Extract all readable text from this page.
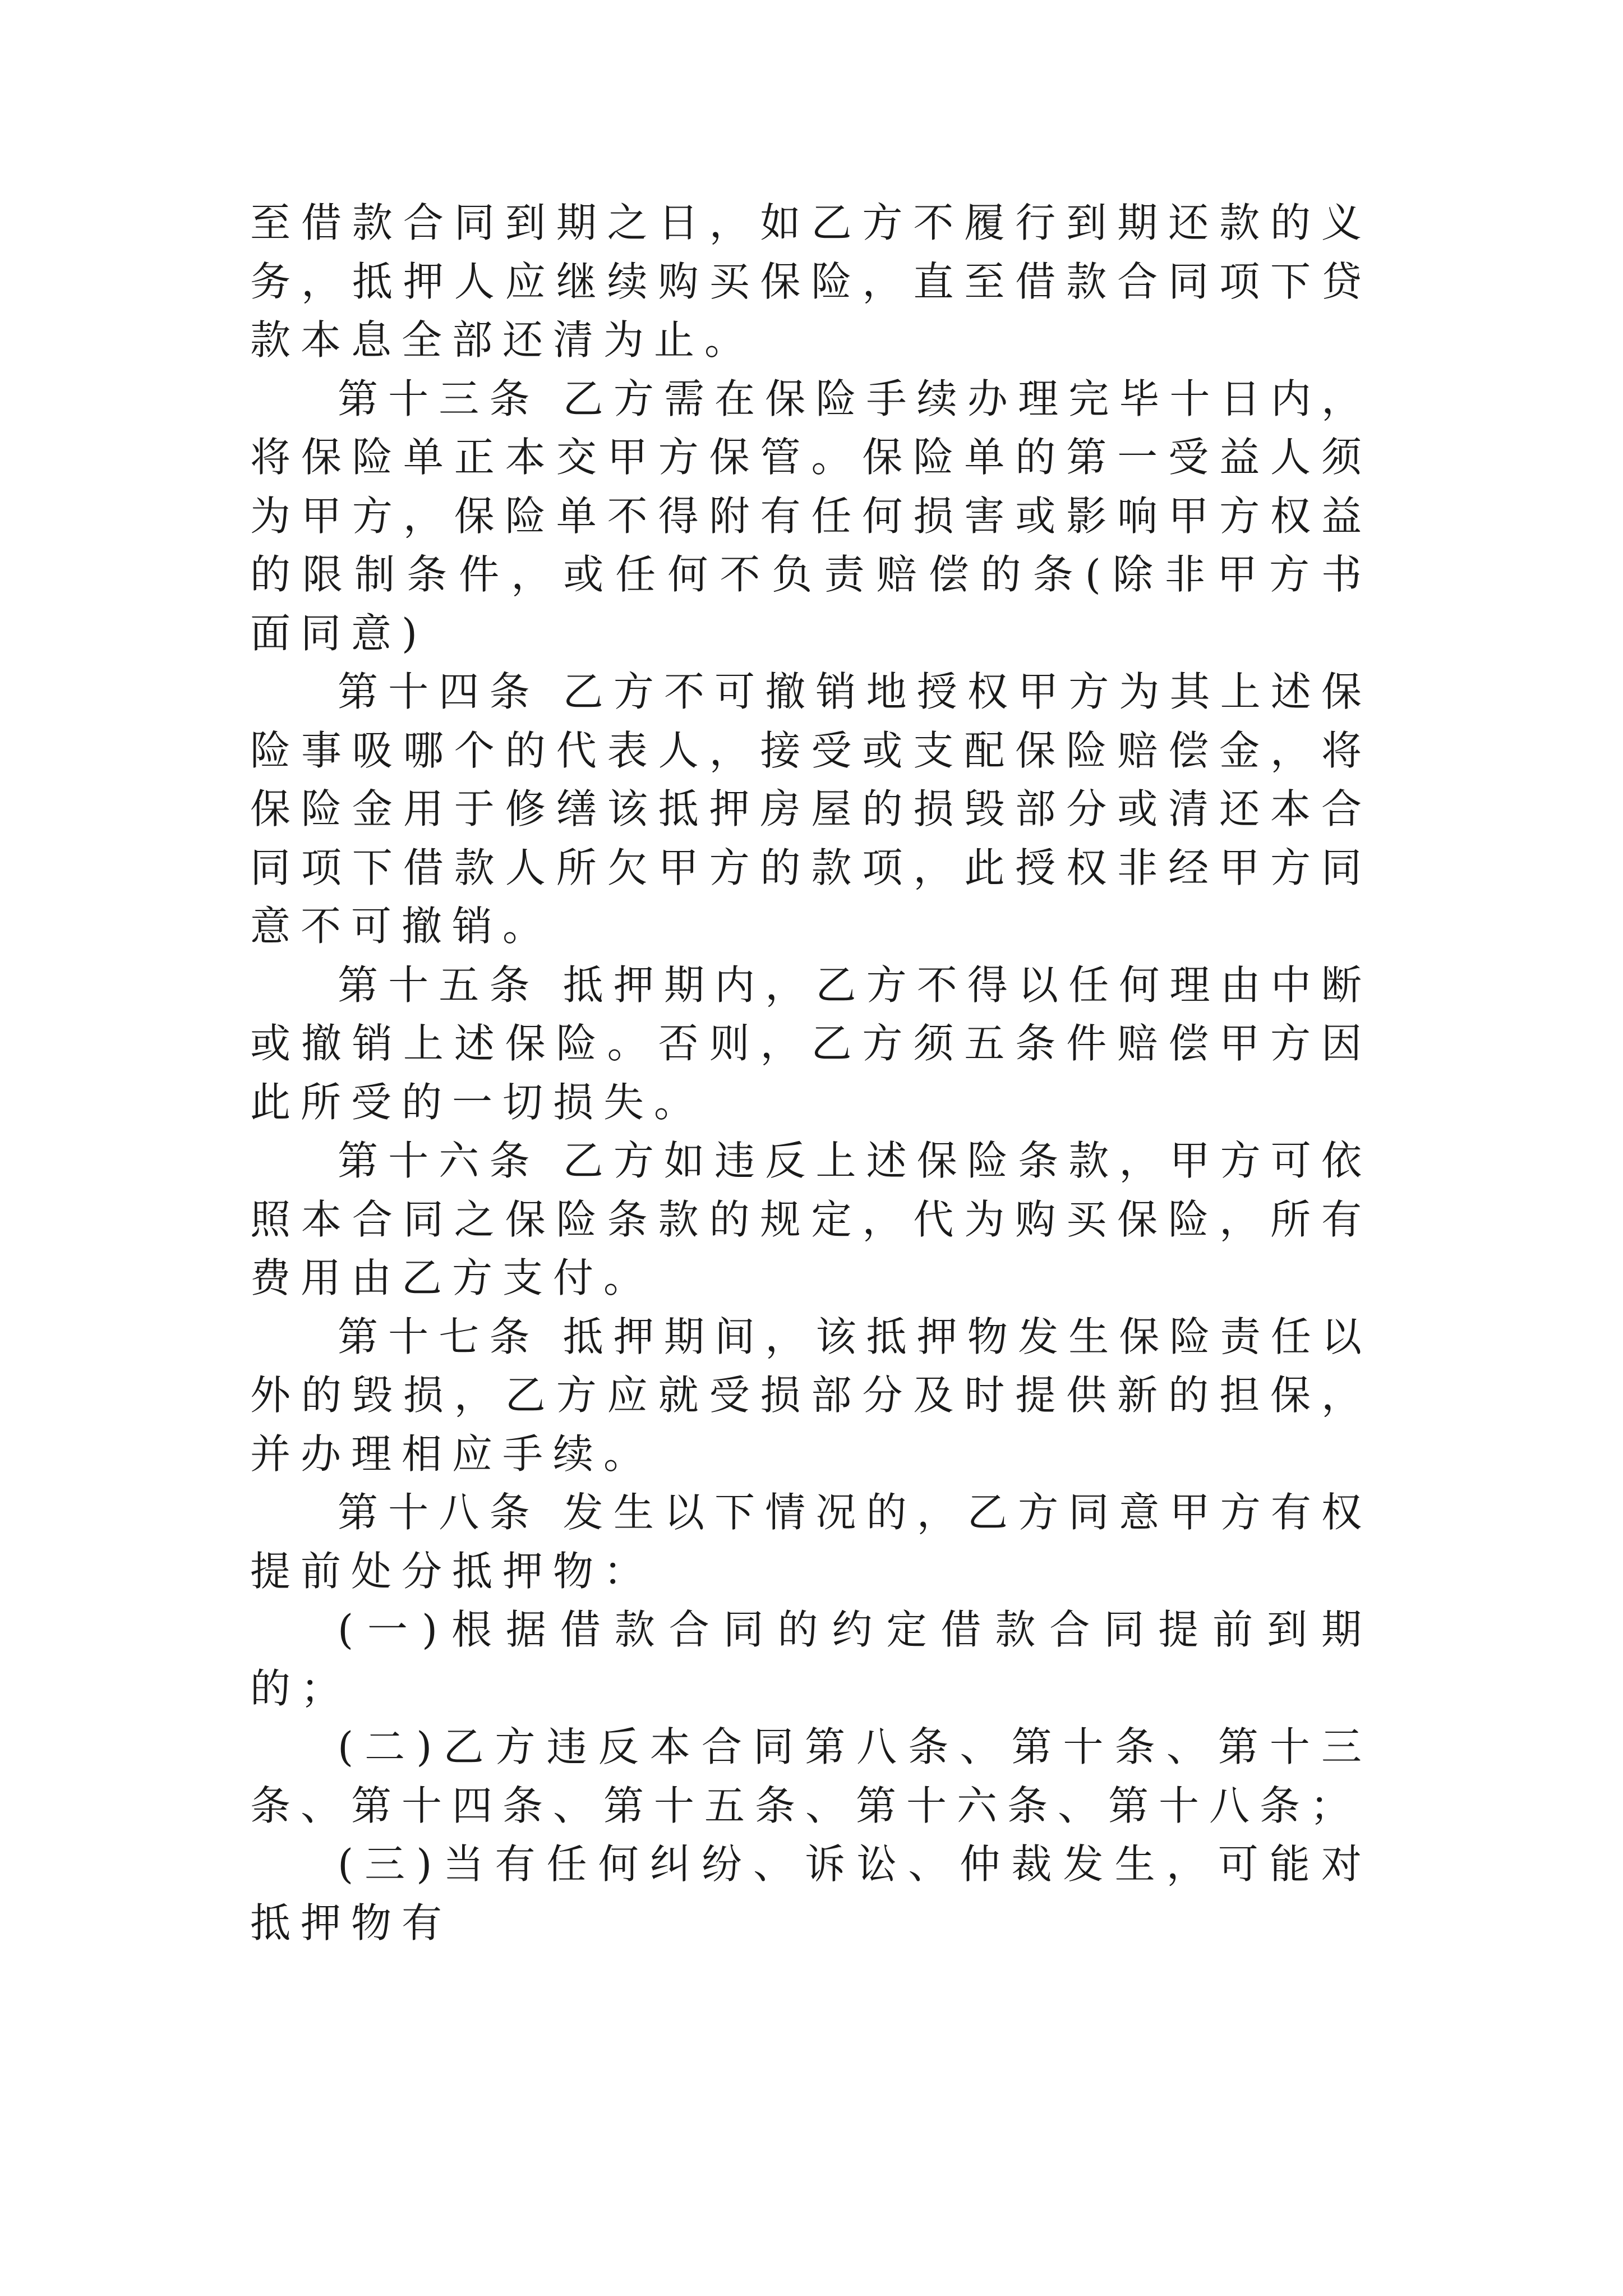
至借款合同到期之日，如乙方不履行到期还款的义务，抵押人应继续购买保险，直至借款合同项下贷款本息全部还清为止。

第十三条 乙方需在保险手续办理完毕十日内，将保险单正本交甲方保管。保险单的第一受益人须为甲方，保险单不得附有任何损害或影响甲方权益的限制条件，或任何不负责赔偿的条(除非甲方书面同意)

第十四条 乙方不可撤销地授权甲方为其上述保险事吸哪个的代表人，接受或支配保险赔偿金，将保险金用于修缮该抵押房屋的损毁部分或清还本合同项下借款人所欠甲方的款项，此授权非经甲方同意不可撤销。

第十五条 抵押期内，乙方不得以任何理由中断或撤销上述保险。否则，乙方须五条件赔偿甲方因此所受的一切损失。

第十六条 乙方如违反上述保险条款，甲方可依照本合同之保险条款的规定，代为购买保险，所有费用由乙方支付。

第十七条 抵押期间，该抵押物发生保险责任以外的毁损，乙方应就受损部分及时提供新的担保，并办理相应手续。

第十八条 发生以下情况的，乙方同意甲方有权提前处分抵押物：

(一)根据借款合同的约定借款合同提前到期的；

(二)乙方违反本合同第八条、第十条、第十三条、第十四条、第十五条、第十六条、第十八条；

(三)当有任何纠纷、诉讼、仲裁发生，可能对抵押物有
